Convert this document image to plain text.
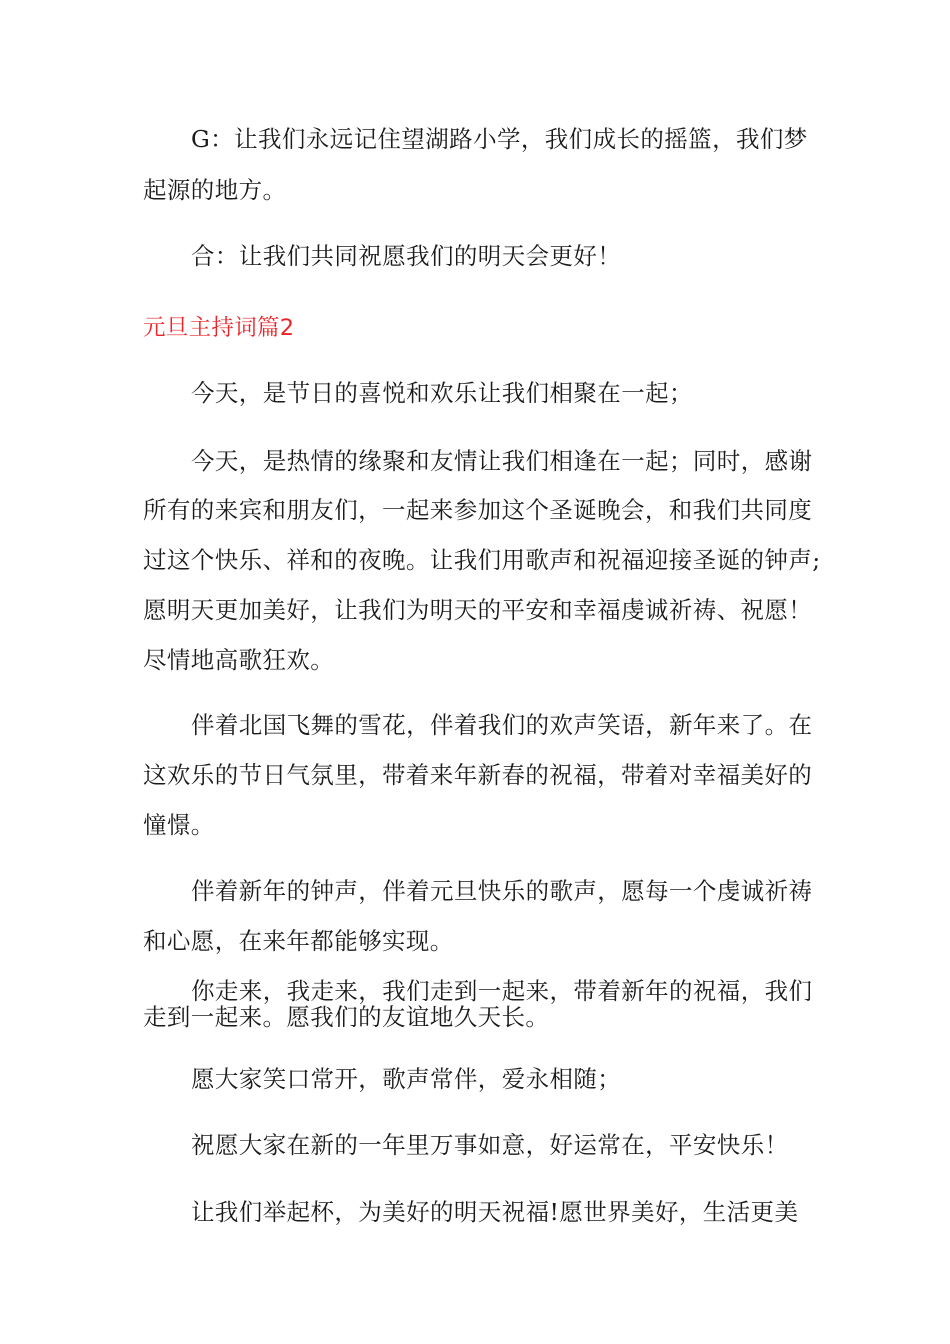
G：让我们永远记住望湖路小学，我们成长的摇篮，我们梦
起源的地方。
合：让我们共同祝愿我们的明天会更好！
元旦主持词篇2
今天，是节日的喜悦和欢乐让我们相聚在一起；
今天，是热情的缘聚和友情让我们相逢在一起；同时，感谢
所有的来宾和朋友们，一起来参加这个圣诞晚会，和我们共同度
过这个快乐、祥和的夜晚。让我们用歌声和祝福迎接圣诞的钟声;
愿明天更加美好，让我们为明天的平安和幸福虔诚祈祷、祝愿！
尽情地高歌狂欢。
伴着北国飞舞的雪花，伴着我们的欢声笑语，新年来了。在
这欢乐的节日气氛里，带着来年新春的祝福，带着对幸福美好的
憧憬。
伴着新年的钟声，伴着元旦快乐的歌声，愿每一个虔诚祈祷
和心愿，在来年都能够实现。
你走来，我走来，我们走到一起来，带着新年的祝福，我们
走到一起来。愿我们的友谊地久天长。
愿大家笑口常开，歌声常伴，爱永相随；
祝愿大家在新的一年里万事如意，好运常在，平安快乐！
让我们举起杯，为美好的明天祝福!愿世界美好，生活更美
